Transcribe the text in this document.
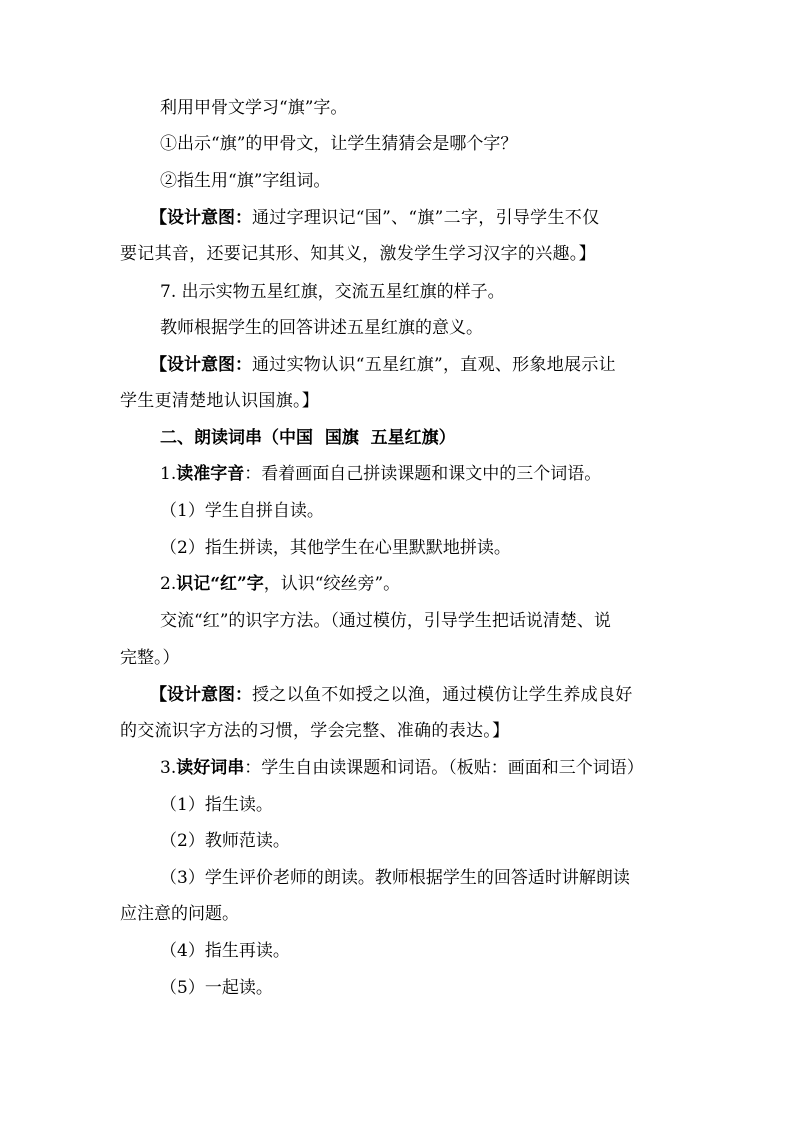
利用甲骨文学习“旗”字。
①出示“旗”的甲骨文，让学生猜猜会是哪个字？
②指生用“旗”字组词。
【设计意图：通过字理识记“国”、“旗”二字，引导学生不仅
要记其音，还要记其形、知其义，激发学生学习汉字的兴趣。】
7. 出示实物五星红旗，交流五星红旗的样子。
教师根据学生的回答讲述五星红旗的意义。
【设计意图：通过实物认识“五星红旗”，直观、形象地展示让
学生更清楚地认识国旗。】
二、朗读词串（中国  国旗  五星红旗）
1.读准字音：看着画面自己拼读课题和课文中的三个词语。
（1）学生自拼自读。
（2）指生拼读，其他学生在心里默默地拼读。
2.识记“红”字，认识“绞丝旁”。
交流“红”的识字方法。（通过模仿，引导学生把话说清楚、说
完整。）
【设计意图：授之以鱼不如授之以渔，通过模仿让学生养成良好
的交流识字方法的习惯，学会完整、准确的表达。】
3.读好词串：学生自由读课题和词语。（板贴：画面和三个词语）
（1）指生读。
（2）教师范读。
（3）学生评价老师的朗读。教师根据学生的回答适时讲解朗读
应注意的问题。
（4）指生再读。
（5）一起读。
